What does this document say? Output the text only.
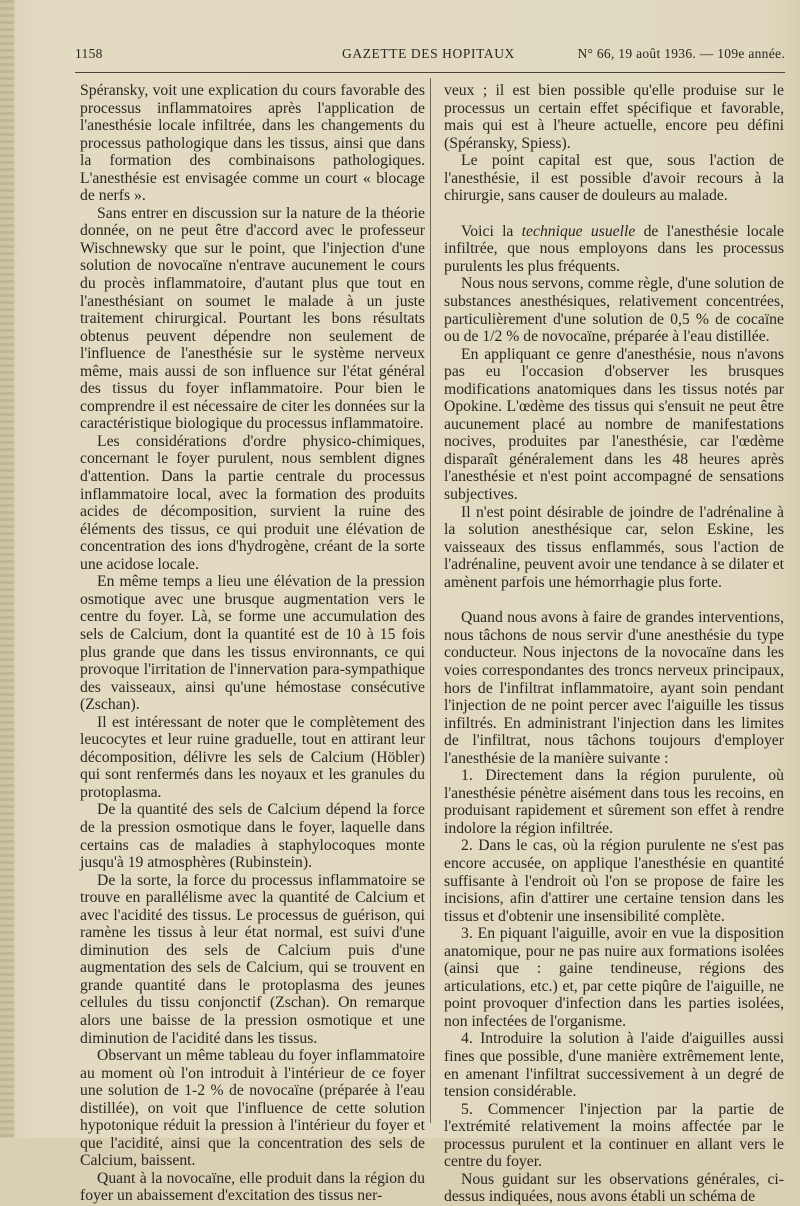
1158	GAZETTE DES HOPITAUX	N° 66, 19 août 1936. — 109e année.

Spéransky, voit une explication du cours favorable des processus inflammatoires après l'application de l'anesthésie locale infiltrée, dans les changements du processus pathologique dans les tissus, ainsi que dans la formation des combinaisons pathologiques. L'anesthésie est envisagée comme un court « blocage de nerfs ».

Sans entrer en discussion sur la nature de la théorie donnée, on ne peut être d'accord avec le professeur Wischnewsky que sur le point, que l'injection d'une solution de novocaïne n'entrave aucunement le cours du procès inflammatoire, d'autant plus que tout en l'anesthésiant on soumet le malade à un juste traitement chirurgical. Pourtant les bons résultats obtenus peuvent dépendre non seulement de l'influence de l'anesthésie sur le système nerveux même, mais aussi de son influence sur l'état général des tissus du foyer inflammatoire. Pour bien le comprendre il est nécessaire de citer les données sur la caractéristique biologique du processus inflammatoire.

Les considérations d'ordre physico-chimiques, concernant le foyer purulent, nous semblent dignes d'attention. Dans la partie centrale du processus inflammatoire local, avec la formation des produits acides de décomposition, survient la ruine des éléments des tissus, ce qui produit une élévation de concentration des ions d'hydrogène, créant de la sorte une acidose locale.

En même temps a lieu une élévation de la pression osmotique avec une brusque augmentation vers le centre du foyer. Là, se forme une accumulation des sels de Calcium, dont la quantité est de 10 à 15 fois plus grande que dans les tissus environnants, ce qui provoque l'irritation de l'innervation para-sympathique des vaisseaux, ainsi qu'une hémostase consécutive (Zschan).

Il est intéressant de noter que le complètement des leucocytes et leur ruine graduelle, tout en attirant leur décomposition, délivre les sels de Calcium (Höbler) qui sont renfermés dans les noyaux et les granules du protoplasma.

De la quantité des sels de Calcium dépend la force de la pression osmotique dans le foyer, laquelle dans certains cas de maladies à staphylocoques monte jusqu'à 19 atmosphères (Rubinstein).

De la sorte, la force du processus inflammatoire se trouve en parallélisme avec la quantité de Calcium et avec l'acidité des tissus. Le processus de guérison, qui ramène les tissus à leur état normal, est suivi d'une diminution des sels de Calcium puis d'une augmentation des sels de Calcium, qui se trouvent en grande quantité dans le protoplasma des jeunes cellules du tissu conjonctif (Zschan). On remarque alors une baisse de la pression osmotique et une diminution de l'acidité dans les tissus.

Observant un même tableau du foyer inflammatoire au moment où l'on introduit à l'intérieur de ce foyer une solution de 1-2 % de novocaïne (préparée à l'eau distillée), on voit que l'influence de cette solution hypotonique réduit la pression à l'intérieur du foyer et que l'acidité, ainsi que la concentration des sels de Calcium, baissent.

Quant à la novocaïne, elle produit dans la région du foyer un abaissement d'excitation des tissus ner-

veux ; il est bien possible qu'elle produise sur le processus un certain effet spécifique et favorable, mais qui est à l'heure actuelle, encore peu défini (Spéransky, Spiess).

Le point capital est que, sous l'action de l'anesthésie, il est possible d'avoir recours à la chirurgie, sans causer de douleurs au malade.

Voici la technique usuelle de l'anesthésie locale infiltrée, que nous employons dans les processus purulents les plus fréquents.

Nous nous servons, comme règle, d'une solution de substances anesthésiques, relativement concentrées, particulièrement d'une solution de 0,5 % de cocaïne ou de 1/2 % de novocaïne, préparée à l'eau distillée.

En appliquant ce genre d'anesthésie, nous n'avons pas eu l'occasion d'observer les brusques modifications anatomiques dans les tissus notés par Opokine. L'œdème des tissus qui s'ensuit ne peut être aucunement placé au nombre de manifestations nocives, produites par l'anesthésie, car l'œdème disparaît généralement dans les 48 heures après l'anesthésie et n'est point accompagné de sensations subjectives.

Il n'est point désirable de joindre de l'adrénaline à la solution anesthésique car, selon Eskine, les vaisseaux des tissus enflammés, sous l'action de l'adrénaline, peuvent avoir une tendance à se dilater et amènent parfois une hémorrhagie plus forte.

Quand nous avons à faire de grandes interventions, nous tâchons de nous servir d'une anesthésie du type conducteur. Nous injectons de la novocaïne dans les voies correspondantes des troncs nerveux principaux, hors de l'infiltrat inflammatoire, ayant soin pendant l'injection de ne point percer avec l'aiguille les tissus infiltrés. En administrant l'injection dans les limites de l'infiltrat, nous tâchons toujours d'employer l'anesthésie de la manière suivante :

1. Directement dans la région purulente, où l'anesthésie pénètre aisément dans tous les recoins, en produisant rapidement et sûrement son effet à rendre indolore la région infiltrée.

2. Dans le cas, où la région purulente ne s'est pas encore accusée, on applique l'anesthésie en quantité suffisante à l'endroit où l'on se propose de faire les incisions, afin d'attirer une certaine tension dans les tissus et d'obtenir une insensibilité complète.

3. En piquant l'aiguille, avoir en vue la disposition anatomique, pour ne pas nuire aux formations isolées (ainsi que : gaine tendineuse, régions des articulations, etc.) et, par cette piqûre de l'aiguille, ne point provoquer d'infection dans les parties isolées, non infectées de l'organisme.

4. Introduire la solution à l'aide d'aiguilles aussi fines que possible, d'une manière extrêmement lente, en amenant l'infiltrat successivement à un degré de tension considérable.

5. Commencer l'injection par la partie de l'extrémité relativement la moins affectée par le processus purulent et la continuer en allant vers le centre du foyer.

Nous guidant sur les observations générales, ci-dessus indiquées, nous avons établi un schéma de
